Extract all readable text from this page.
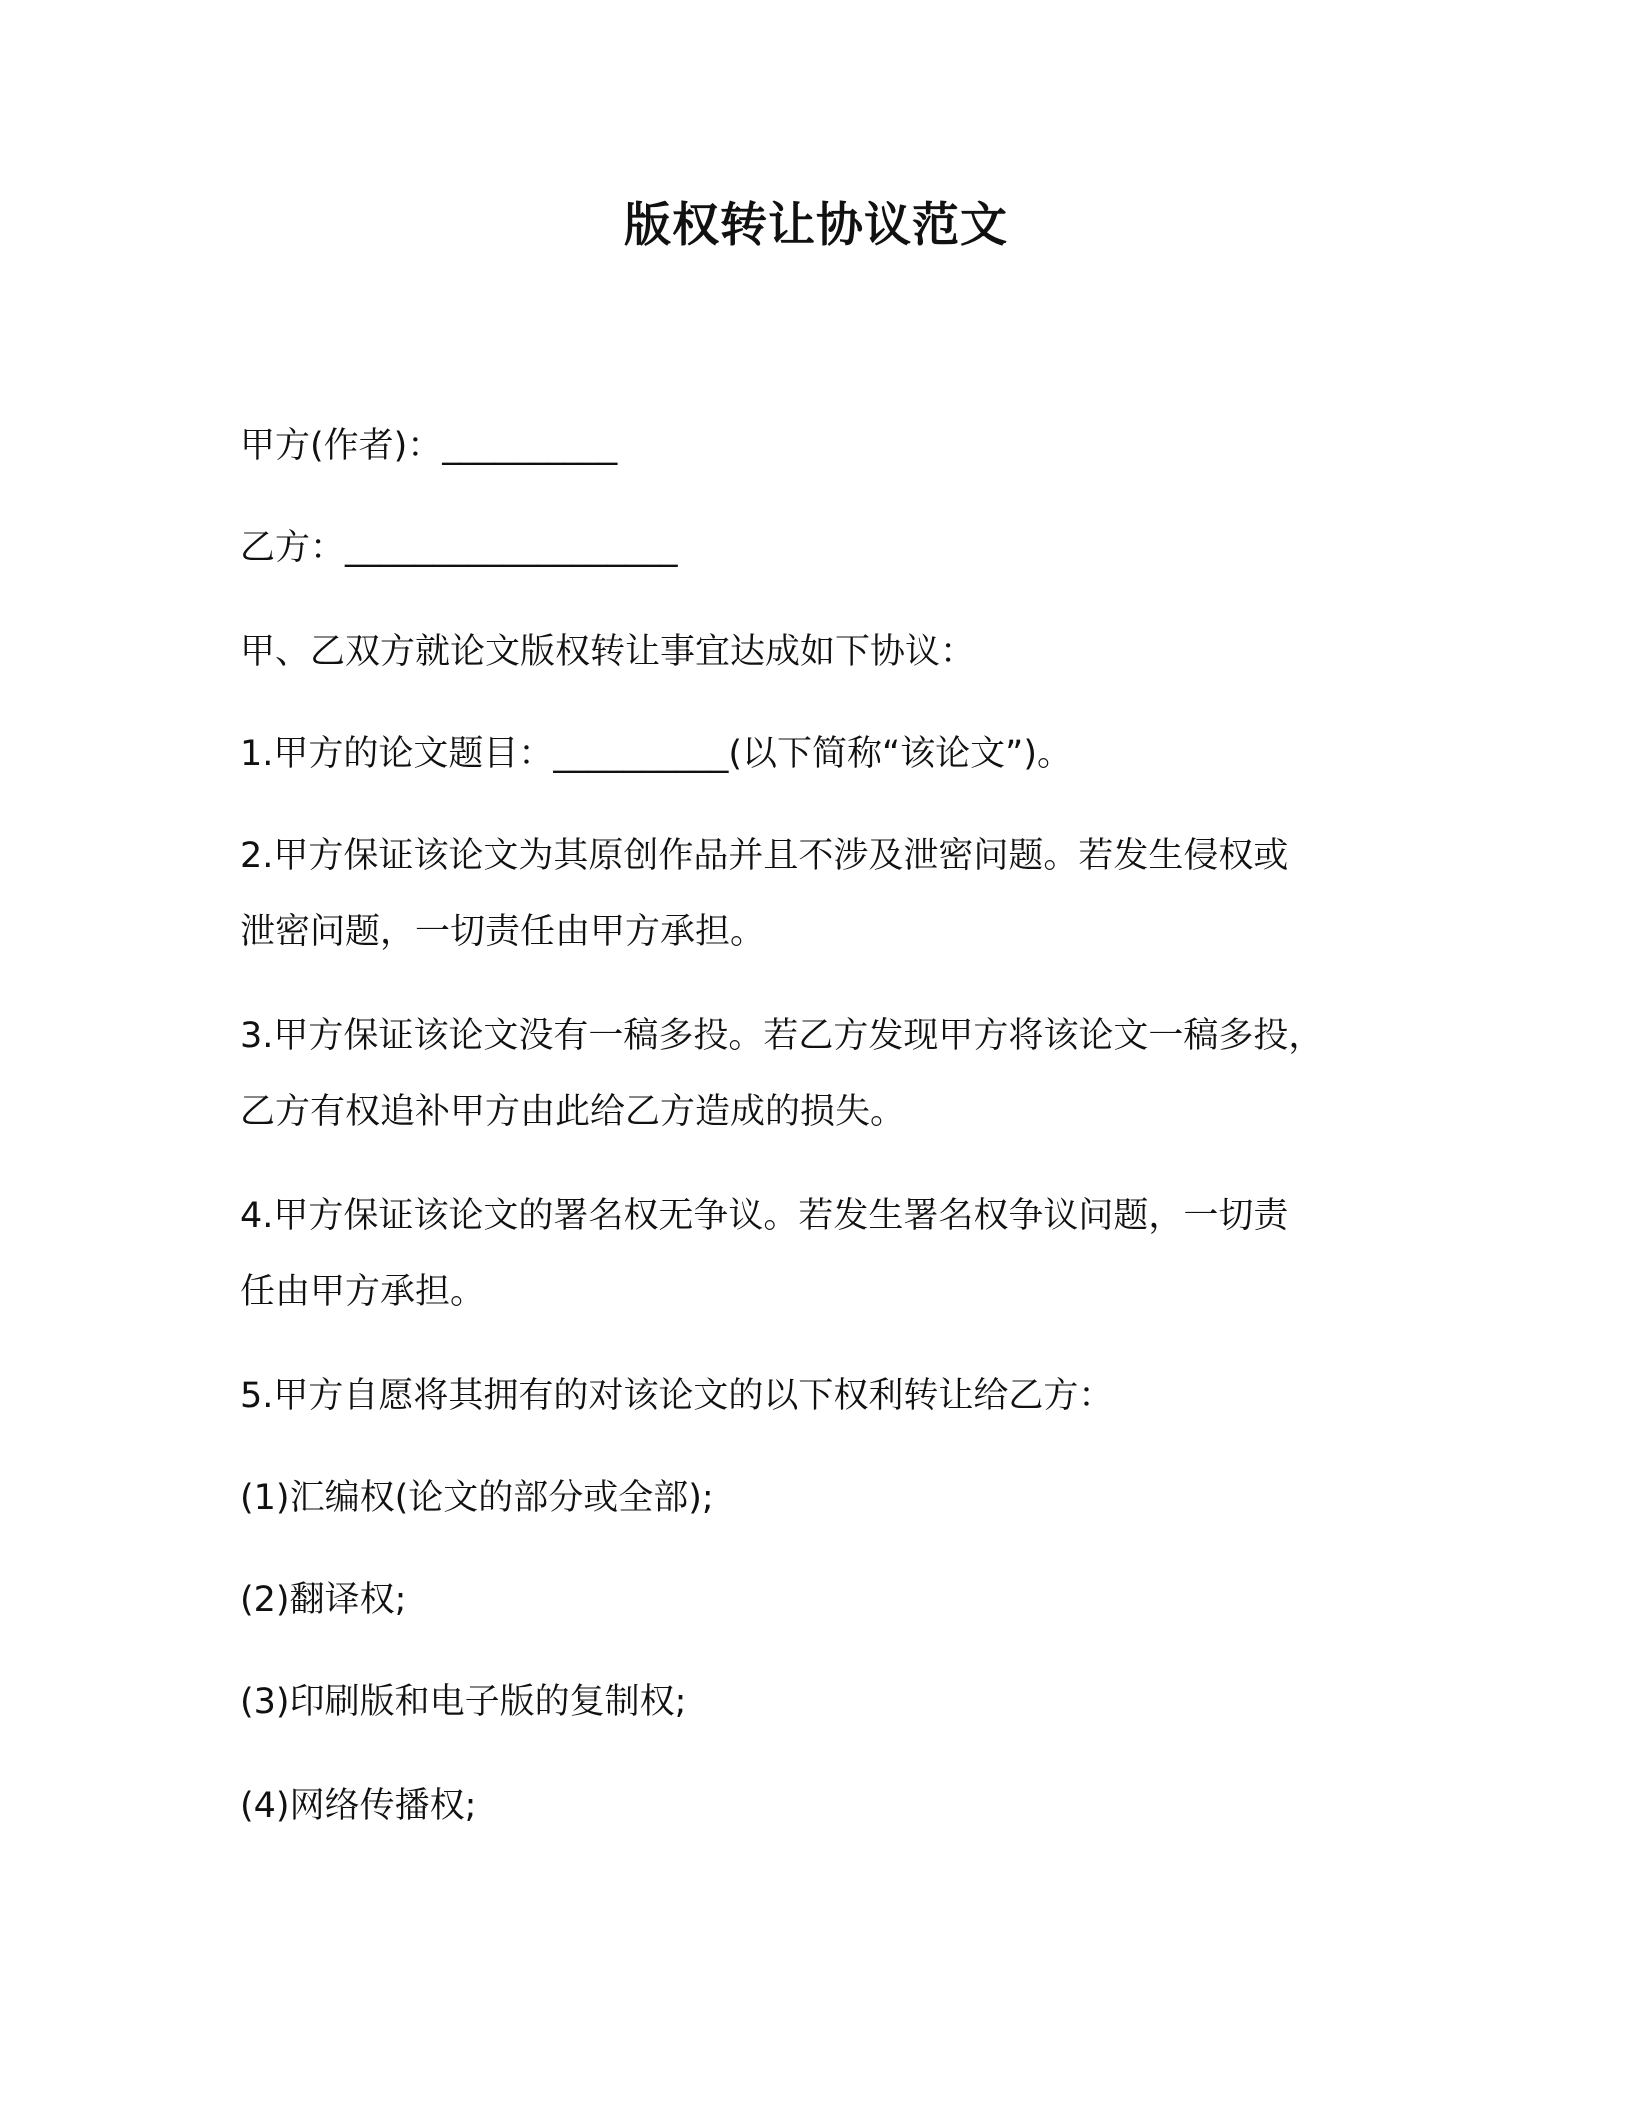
版权转让协议范文

甲方(作者)：__________

乙方：___________________

甲、乙双方就论文版权转让事宜达成如下协议：

1.甲方的论文题目：__________(以下简称“该论文”)。

2.甲方保证该论文为其原创作品并且不涉及泄密问题。若发生侵权或

泄密问题，一切责任由甲方承担。

3.甲方保证该论文没有一稿多投。若乙方发现甲方将该论文一稿多投，

乙方有权追补甲方由此给乙方造成的损失。

4.甲方保证该论文的署名权无争议。若发生署名权争议问题，一切责

任由甲方承担。

5.甲方自愿将其拥有的对该论文的以下权利转让给乙方：

(1)汇编权(论文的部分或全部);

(2)翻译权;

(3)印刷版和电子版的复制权;

(4)网络传播权;
